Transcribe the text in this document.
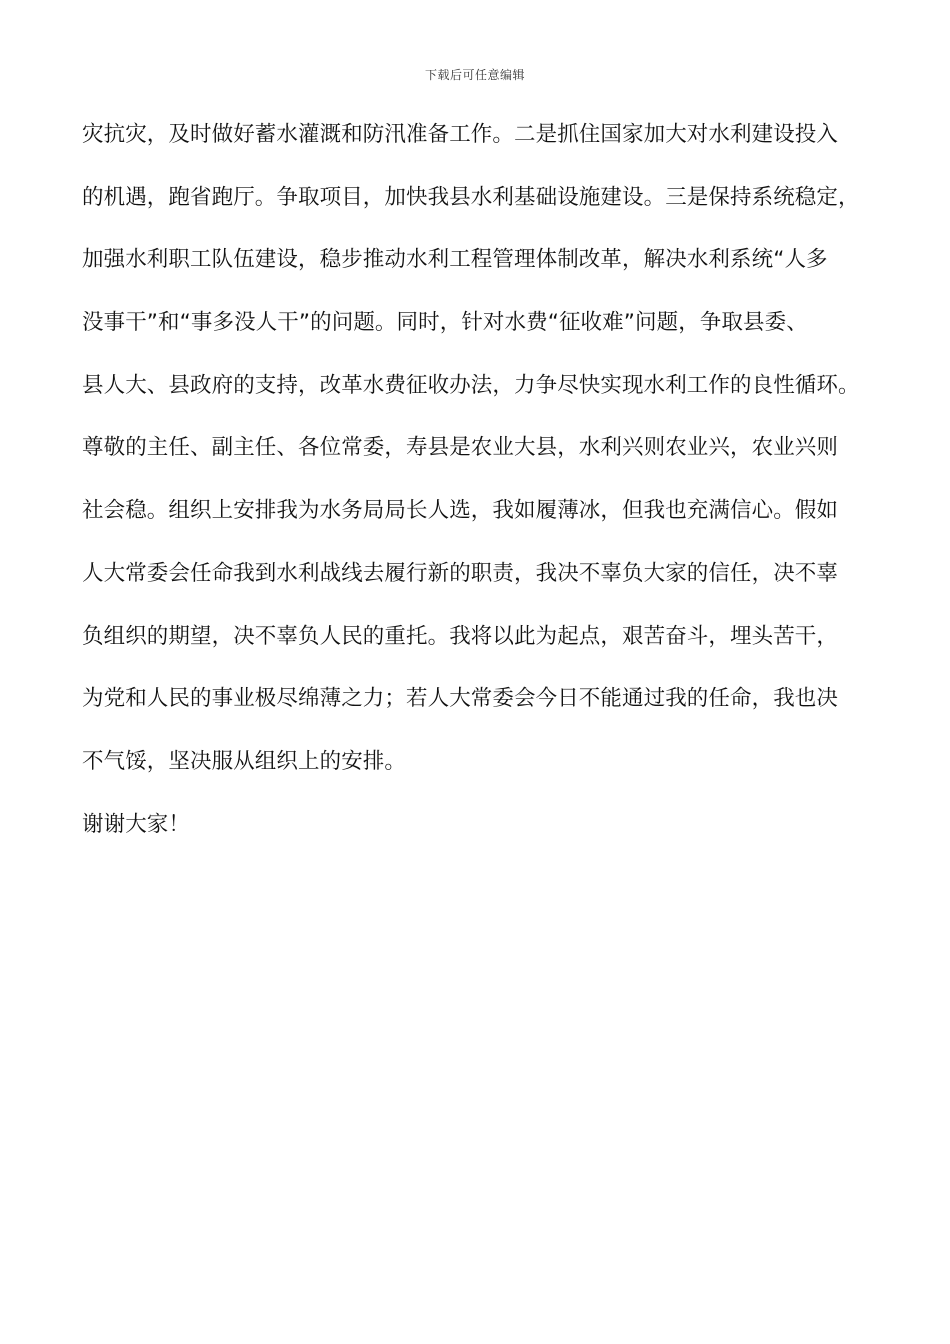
下载后可任意编辑
灾抗灾，及时做好蓄水灌溉和防汛准备工作。二是抓住国家加大对水利建设投入
的机遇，跑省跑厅。争取项目，加快我县水利基础设施建设。三是保持系统稳定，
加强水利职工队伍建设，稳步推动水利工程管理体制改革，解决水利系统“人多
没事干”和“事多没人干”的问题。同时，针对水费“征收难”问题，争取县委、
县人大、县政府的支持，改革水费征收办法，力争尽快实现水利工作的良性循环。
尊敬的主任、副主任、各位常委，寿县是农业大县，水利兴则农业兴，农业兴则
社会稳。组织上安排我为水务局局长人选，我如履薄冰，但我也充满信心。假如
人大常委会任命我到水利战线去履行新的职责，我决不辜负大家的信任，决不辜
负组织的期望，决不辜负人民的重托。我将以此为起点，艰苦奋斗，埋头苦干，
为党和人民的事业极尽绵薄之力；若人大常委会今日不能通过我的任命，我也决
不气馁，坚决服从组织上的安排。
谢谢大家！
